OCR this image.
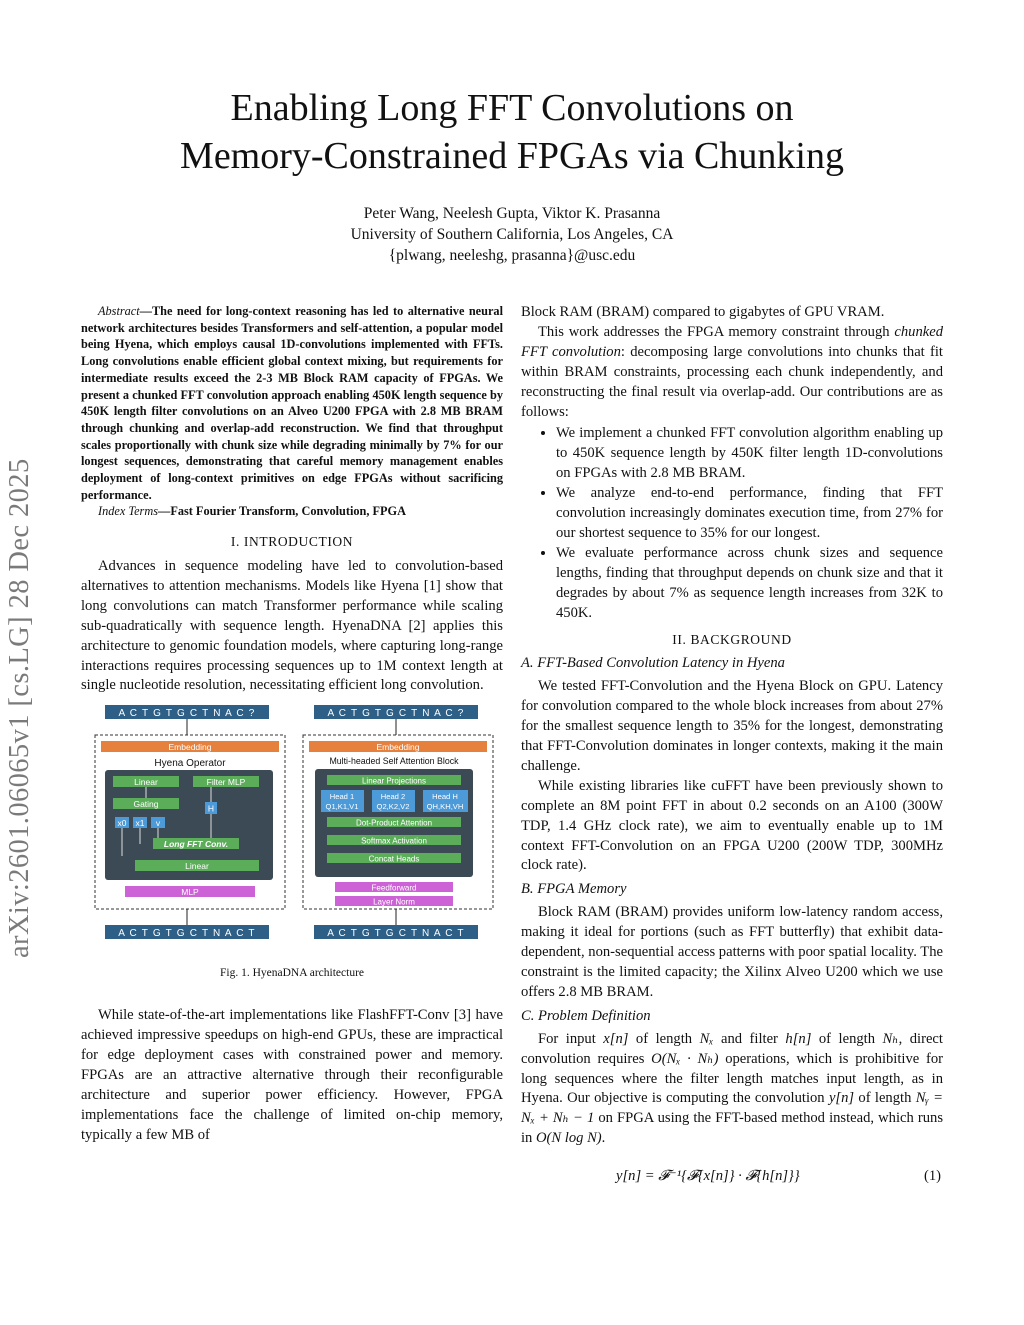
Enabling Long FFT Convolutions on
Memory-Constrained FPGAs via Chunking
Peter Wang, Neelesh Gupta, Viktor K. Prasanna
University of Southern California, Los Angeles, CA
{plwang, neeleshg, prasanna}@usc.edu
arXiv:2601.06065v1 [cs.LG] 28 Dec 2025

Abstract—The need for long-context reasoning has led to alternative neural network architectures besides Transformers and self-attention, a popular model being Hyena, which employs causal 1D-convolutions implemented with FFTs. Long convolutions enable efficient global context mixing, but requirements for intermediate results exceed the 2-3 MB Block RAM capacity of FPGAs. We present a chunked FFT convolution approach enabling 450K length sequence by 450K length filter convolutions on an Alveo U200 FPGA with 2.8 MB BRAM through chunking and overlap-add reconstruction. We find that throughput scales proportionally with chunk size while degrading minimally by 7% for our longest sequences, demonstrating that careful memory management enables deployment of long-context primitives on edge FPGAs without sacrificing performance.

Index Terms—Fast Fourier Transform, Convolution, FPGA

I. INTRODUCTION

Advances in sequence modeling have led to convolution-based alternatives to attention mechanisms. Models like Hyena [1] show that long convolutions can match Transformer performance while scaling sub-quadratically with sequence length. HyenaDNA [2] applies this architecture to genomic foundation models, where capturing long-range interactions requires processing sequences up to 1M context length at single nucleotide resolution, necessitating efficient long convolution.

A C T G T G C T N A C ?
Embedding
Hyena Operator
Linear	Filter MLP
Gating	H
x0 x1 v
Long FFT Conv.
Linear
MLP
A C T G T G C T N A C T
A C T G T G C T N A C ?
Embedding
Multi-headed Self Attention Block
Linear Projections
Head 1
Q1,K1,V1
Head 2
Q2,K2,V2
Head H
QH,KH,VH
Dot-Product Attention
Softmax Activation
Concat Heads
Feedforward
Layer Norm
A C T G T G C T N A C T
Fig. 1. HyenaDNA architecture

While state-of-the-art implementations like FlashFFT-Conv [3] have achieved impressive speedups on high-end GPUs, these are impractical for edge deployment cases with constrained power and memory. FPGAs are an attractive alternative through their reconfigurable architecture and superior power efficiency. However, FPGA implementations face the challenge of limited on-chip memory, typically a few MB of

Block RAM (BRAM) compared to gigabytes of GPU VRAM.

This work addresses the FPGA memory constraint through chunked FFT convolution: decomposing large convolutions into chunks that fit within BRAM constraints, processing each chunk independently, and reconstructing the final result via overlap-add. Our contributions are as follows:

• We implement a chunked FFT convolution algorithm enabling up to 450K sequence length by 450K filter length 1D-convolutions on FPGAs with 2.8 MB BRAM.
• We analyze end-to-end performance, finding that FFT convolution increasingly dominates execution time, from 27% for our shortest sequence to 35% for our longest.
• We evaluate performance across chunk sizes and sequence lengths, finding that throughput depends on chunk size and that it degrades by about 7% as sequence length increases from 32K to 450K.
II. BACKGROUND
A. FFT-Based Convolution Latency in Hyena

We tested FFT-Convolution and the Hyena Block on GPU. Latency for convolution compared to the whole block increases from about 27% for the smallest sequence length to 35% for the longest, demonstrating that FFT-Convolution dominates in longer contexts, making it the main challenge.

While existing libraries like cuFFT have been previously shown to complete an 8M point FFT in about 0.2 seconds on an A100 (300W TDP, 1.4 GHz clock rate), we aim to eventually enable up to 1M context FFT-Convolution on an FPGA U200 (200W TDP, 300MHz clock rate).

B. FPGA Memory

Block RAM (BRAM) provides uniform low-latency random access, making it ideal for portions (such as FFT butterfly) that exhibit data-dependent, non-sequential access patterns with poor spatial locality. The constraint is the limited capacity; the Xilinx Alveo U200 which we use offers 2.8 MB BRAM.

C. Problem Definition

For input x[n] of length Nₓ and filter h[n] of length Nₕ, direct convolution requires O(Nₓ · Nₕ) operations, which is prohibitive for long sequences where the filter length matches input length, as in Hyena. Our objective is computing the convolution y[n] of length Nᵧ = Nₓ + Nₕ − 1 on FPGA using the FFT-based method instead, which runs in O(N log N).

y[n] = 𝓕⁻¹{𝓕{x[n]} · 𝓕{h[n]}}	(1)
